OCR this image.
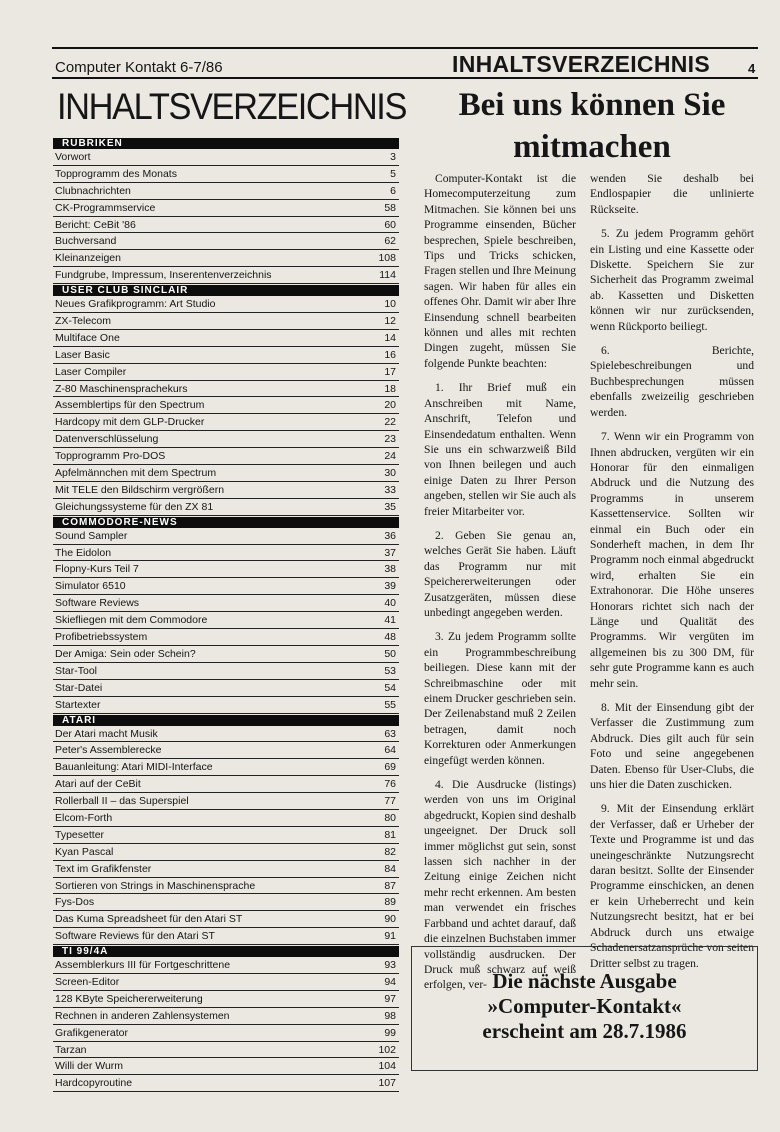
Computer Kontakt 6-7/86	INHALTSVERZEICHNIS	4
INHALTSVERZEICHNIS
RUBRIKEN
Vorwort	3
Topprogramm des Monats	5
Clubnachrichten	6
CK-Programmservice	58
Bericht: CeBit '86	60
Buchversand	62
Kleinanzeigen	108
Fundgrube, Impressum, Inserentenverzeichnis	114
USER CLUB SINCLAIR
Neues Grafikprogramm: Art Studio	10
ZX-Telecom	12
Multiface One	14
Laser Basic	16
Laser Compiler	17
Z-80 Maschinensprachekurs	18
Assemblertips für den Spectrum	20
Hardcopy mit dem GLP-Drucker	22
Datenverschlüsselung	23
Topprogramm Pro-DOS	24
Apfelmännchen mit dem Spectrum	30
Mit TELE den Bildschirm vergrößern	33
Gleichungssysteme für den ZX 81	35
COMMODORE-NEWS
Sound Sampler	36
The Eidolon	37
Flopny-Kurs Teil 7	38
Simulator 6510	39
Software Reviews	40
Skiefliegen mit dem Commodore	41
Profibetriebssystem	48
Der Amiga: Sein oder Schein?	50
Star-Tool	53
Star-Datei	54
Startexter	55
ATARI
Der Atari macht Musik	63
Peter's Assemblerecke	64
Bauanleitung: Atari MIDI-Interface	69
Atari auf der CeBit	76
Rollerball II – das Superspiel	77
Elcom-Forth	80
Typesetter	81
Kyan Pascal	82
Text im Grafikfenster	84
Sortieren von Strings in Maschinensprache	87
Fys-Dos	89
Das Kuma Spreadsheet für den Atari ST	90
Software Reviews für den Atari ST	91
TI 99/4A
Assemblerkurs III für Fortgeschrittene	93
Screen-Editor	94
128 KByte Speichererweiterung	97
Rechnen in anderen Zahlensystemen	98
Grafikgenerator	99
Tarzan	102
Willi der Wurm	104
Hardcopyroutine	107
Bei uns können Sie
mitmachen

Computer-Kontakt ist die Homecomputerzeitung zum Mitmachen. Sie können bei uns Programme einsenden, Bücher besprechen, Spiele beschreiben, Tips und Tricks schicken, Fragen stellen und Ihre Meinung sagen. Wir haben für alles ein offenes Ohr. Damit wir aber Ihre Einsendung schnell bearbeiten können und alles mit rechten Dingen zugeht, müssen Sie folgende Punkte beachten:

1. Ihr Brief muß ein Anschreiben mit Name, Anschrift, Telefon und Einsendedatum enthalten. Wenn Sie uns ein schwarzweiß Bild von Ihnen beilegen und auch einige Daten zu Ihrer Person angeben, stellen wir Sie auch als freier Mitarbeiter vor.

2. Geben Sie genau an, welches Gerät Sie haben. Läuft das Programm nur mit Speichererweiterungen oder Zusatzgeräten, müssen diese unbedingt angegeben werden.

3. Zu jedem Programm sollte ein Programmbeschreibung beiliegen. Diese kann mit der Schreibmaschine oder mit einem Drucker geschrieben sein. Der Zeilenabstand muß 2 Zeilen betragen, damit noch Korrekturen oder Anmerkungen eingefügt werden können.

4. Die Ausdrucke (listings) werden von uns im Original abgedruckt, Kopien sind deshalb ungeeignet. Der Druck soll immer möglichst gut sein, sonst lassen sich nachher in der Zeitung einige Zeichen nicht mehr recht erkennen. Am besten man verwendet ein frisches Farbband und achtet darauf, daß die einzelnen Buchstaben immer vollständig ausdrucken. Der Druck muß schwarz auf weiß erfolgen, ver-

wenden Sie deshalb bei Endlospapier die unlinierte Rückseite.

5. Zu jedem Programm gehört ein Listing und eine Kassette oder Diskette. Speichern Sie zur Sicherheit das Programm zweimal ab. Kassetten und Disketten können wir nur zurücksenden, wenn Rückporto beiliegt.

6. Berichte, Spielebeschreibungen und Buchbesprechungen müssen ebenfalls zweizeilig geschrieben werden.

7. Wenn wir ein Programm von Ihnen abdrucken, vergüten wir ein Honorar für den einmaligen Abdruck und die Nutzung des Programms in unserem Kassettenservice. Sollten wir einmal ein Buch oder ein Sonderheft machen, in dem Ihr Programm noch einmal abgedruckt wird, erhalten Sie ein Extrahonorar. Die Höhe unseres Honorars richtet sich nach der Länge und Qualität des Programms. Wir vergüten im allgemeinen bis zu 300 DM, für sehr gute Programme kann es auch mehr sein.

8. Mit der Einsendung gibt der Verfasser die Zustimmung zum Abdruck. Dies gilt auch für sein Foto und seine angegebenen Daten. Ebenso für User-Clubs, die uns hier die Daten zuschicken.

9. Mit der Einsendung erklärt der Verfasser, daß er Urheber der Texte und Programme ist und das uneingeschränkte Nutzungsrecht daran besitzt. Sollte der Einsender Programme einschicken, an denen er kein Urheberrecht und kein Nutzungsrecht besitzt, hat er bei Abdruck durch uns etwaige Schadenersatzansprüche von seiten Dritter selbst zu tragen.

Die nächste Ausgabe
»Computer-Kontakt«
erscheint am 28.7.1986
